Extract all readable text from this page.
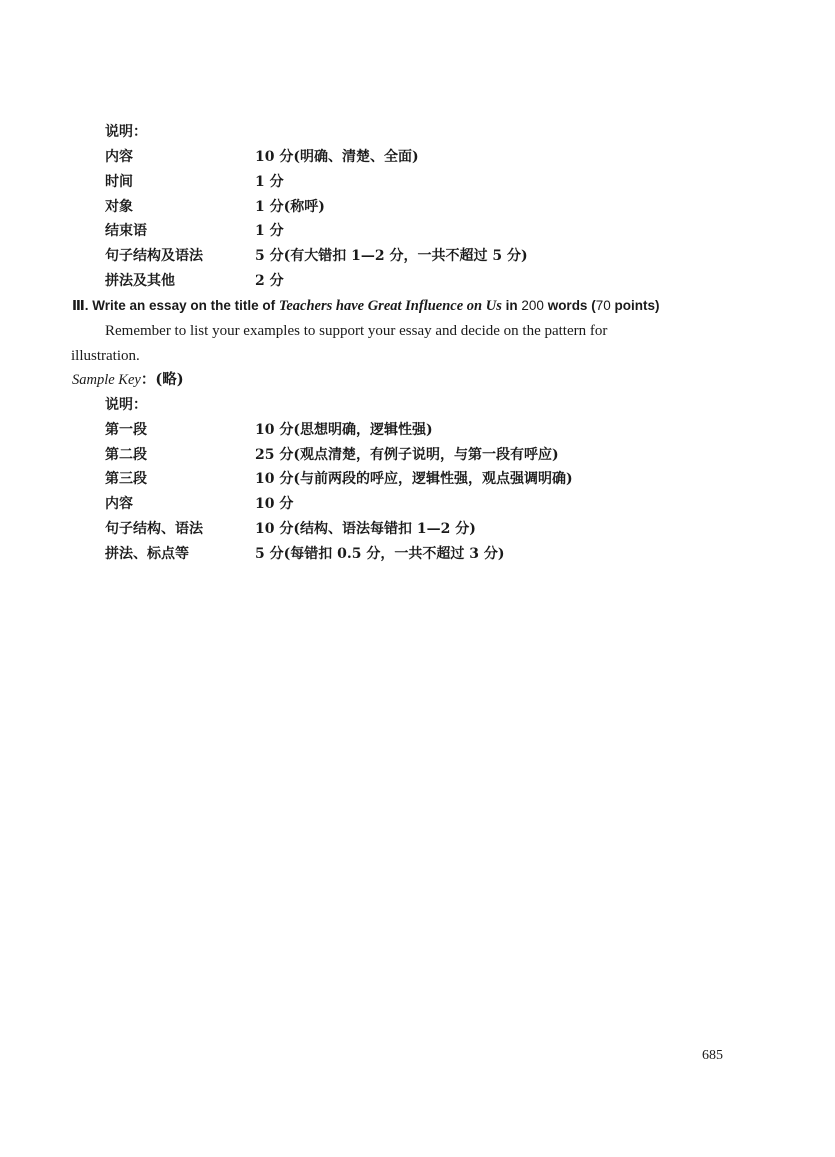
说明：
内容	10 分(明确、清楚、全面)
时间	1 分
对象	1 分(称呼)
结束语	1 分
句子结构及语法	5 分(有大错扣 1—2 分，一共不超过 5 分)
拼法及其他	2 分
Ⅲ. Write an essay on the title of Teachers have Great Influence on Us in 200 words (70 points)
Remember to list your examples to support your essay and decide on the pattern for
illustration.
Sample Key：(略)
说明：
第一段	10 分(思想明确，逻辑性强)
第二段	25 分(观点清楚，有例子说明，与第一段有呼应)
第三段	10 分(与前两段的呼应，逻辑性强，观点强调明确)
内容	10 分
句子结构、语法	10 分(结构、语法每错扣 1—2 分)
拼法、标点等	5 分(每错扣 0.5 分，一共不超过 3 分)
685
